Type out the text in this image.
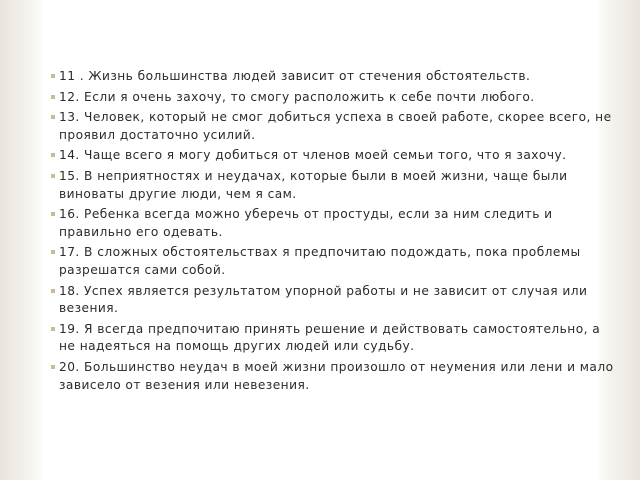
11 . Жизнь большинства людей зависит от стечения обстоятельств.
12. Если я очень захочу, то смогу расположить к себе почти любого.
13. Человек, который не смог добиться успеха в своей работе, скорее всего, не проявил достаточно усилий.
14. Чаще всего я могу добиться от членов моей семьи того, что я захочу.
15. В неприятностях и неудачах, которые были в моей жизни, чаще были виноваты другие люди, чем я сам.
16. Ребенка всегда можно уберечь от простуды, если за ним следить и правильно его одевать.
17. В сложных обстоятельствах я предпочитаю подождать, пока проблемы разрешатся сами собой.
18. Успех является результатом упорной работы и не зависит от случая или везения.
19. Я всегда предпочитаю принять решение и действовать самостоятельно, а не надеяться на помощь других людей или судьбу.
20. Большинство неудач в моей жизни произошло от неумения или лени и мало зависело от везения или невезения.
